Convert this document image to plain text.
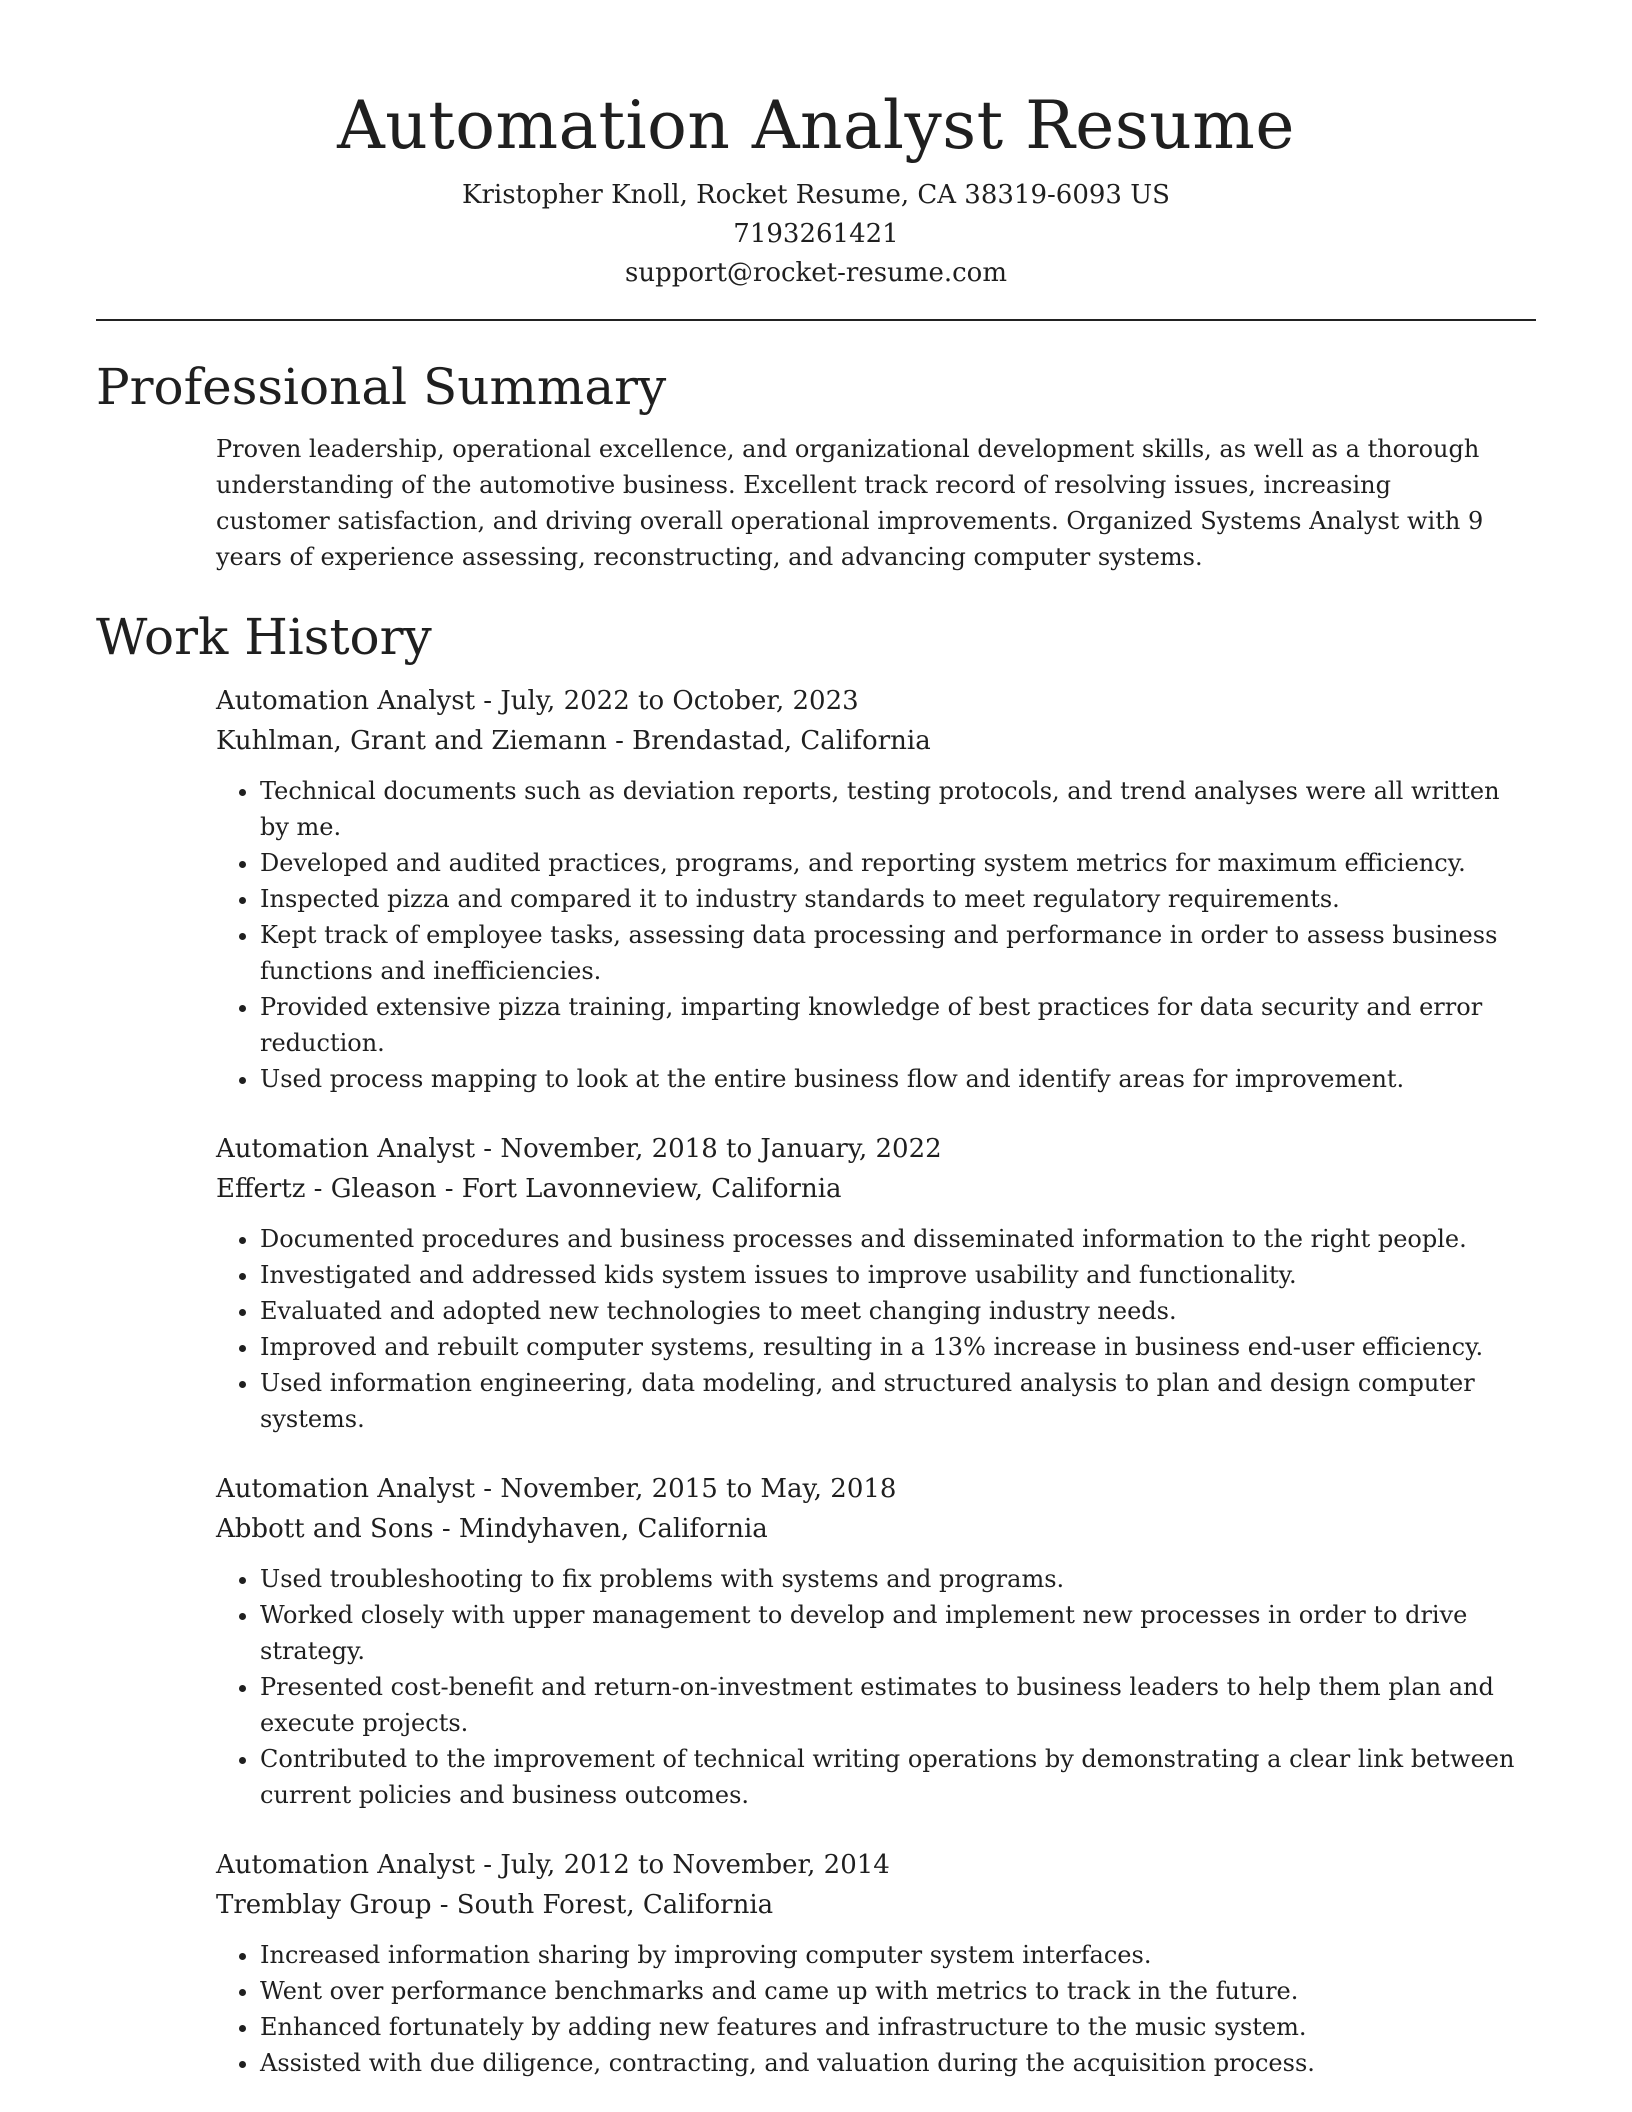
Automation Analyst Resume
Kristopher Knoll, Rocket Resume, CA 38319-6093 US
7193261421
support@rocket-resume.com
Professional Summary

Proven leadership, operational excellence, and organizational development skills, as well as a thorough understanding of the automotive business. Excellent track record of resolving issues, increasing customer satisfaction, and driving overall operational improvements. Organized Systems Analyst with 9 years of experience assessing, reconstructing, and advancing computer systems.

Work History
Automation Analyst - July, 2022 to October, 2023
Kuhlman, Grant and Ziemann - Brendastad, California
• Technical documents such as deviation reports, testing protocols, and trend analyses were all written by me.
• Developed and audited practices, programs, and reporting system metrics for maximum efficiency.
• Inspected pizza and compared it to industry standards to meet regulatory requirements.
• Kept track of employee tasks, assessing data processing and performance in order to assess business functions and inefficiencies.
• Provided extensive pizza training, imparting knowledge of best practices for data security and error reduction.
• Used process mapping to look at the entire business flow and identify areas for improvement.
Automation Analyst - November, 2018 to January, 2022
Effertz - Gleason - Fort Lavonneview, California
• Documented procedures and business processes and disseminated information to the right people.
• Investigated and addressed kids system issues to improve usability and functionality.
• Evaluated and adopted new technologies to meet changing industry needs.
• Improved and rebuilt computer systems, resulting in a 13% increase in business end-user efficiency.
• Used information engineering, data modeling, and structured analysis to plan and design computer systems.
Automation Analyst - November, 2015 to May, 2018
Abbott and Sons - Mindyhaven, California
• Used troubleshooting to fix problems with systems and programs.
• Worked closely with upper management to develop and implement new processes in order to drive strategy.
• Presented cost-benefit and return-on-investment estimates to business leaders to help them plan and execute projects.
• Contributed to the improvement of technical writing operations by demonstrating a clear link between current policies and business outcomes.
Automation Analyst - July, 2012 to November, 2014
Tremblay Group - South Forest, California
• Increased information sharing by improving computer system interfaces.
• Went over performance benchmarks and came up with metrics to track in the future.
• Enhanced fortunately by adding new features and infrastructure to the music system.
• Assisted with due diligence, contracting, and valuation during the acquisition process.
